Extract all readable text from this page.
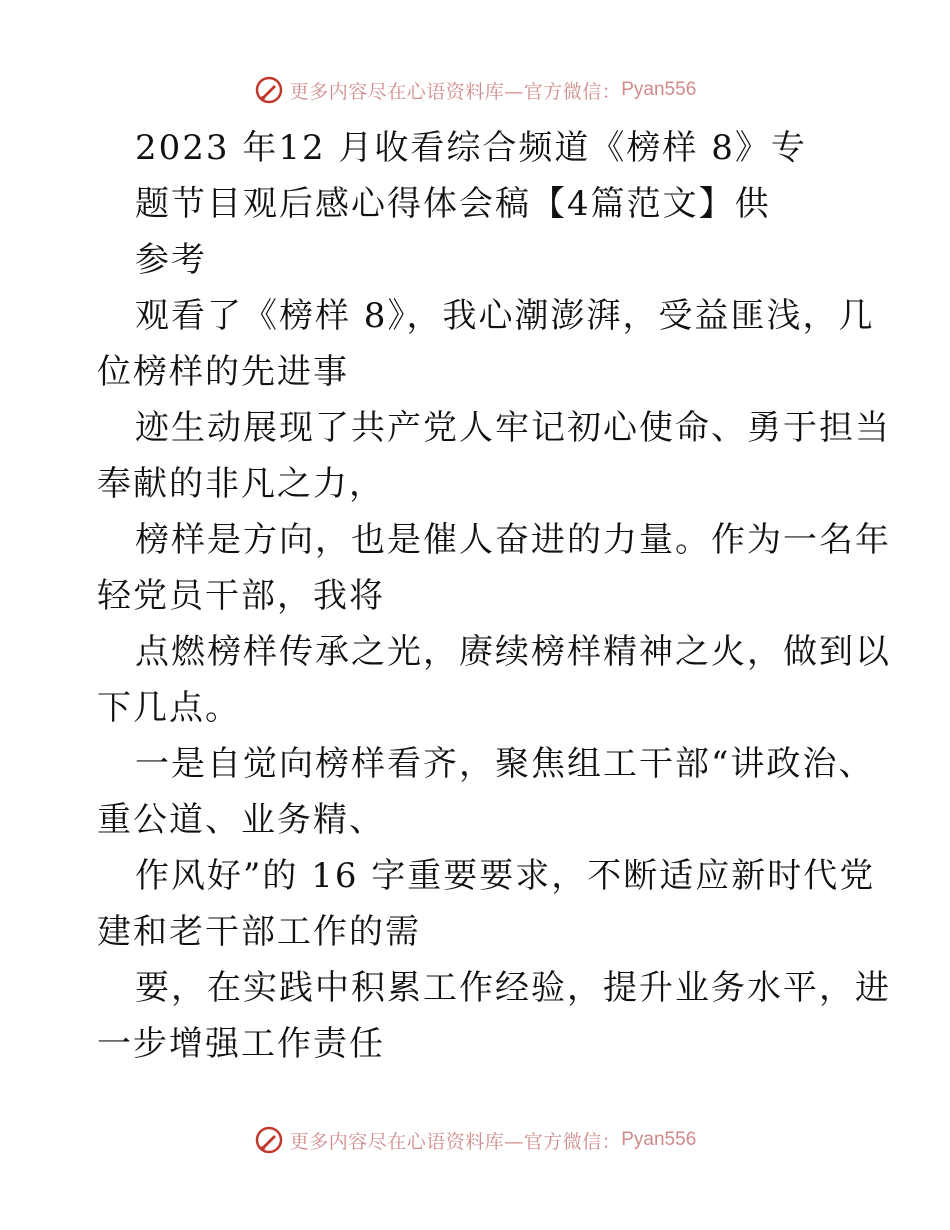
更多内容尽在心语资料库—官方微信： Pyan556
2023 年12 月收看综合频道《榜样 8》专
题节目观后感心得体会稿【4篇范文】供
参考
观看了《榜样 8》，我心潮澎湃，受益匪浅，几
位榜样的先进事
迹生动展现了共产党人牢记初心使命、勇于担当
奉献的非凡之力，
榜样是方向，也是催人奋进的力量。作为一名年
轻党员干部，我将
点燃榜样传承之光，赓续榜样精神之火，做到以
下几点。
一是自觉向榜样看齐，聚焦组工干部“讲政治、
重公道、业务精、
作风好”的 16 字重要要求，不断适应新时代党
建和老干部工作的需
要，在实践中积累工作经验，提升业务水平，进
一步增强工作责任
更多内容尽在心语资料库—官方微信： Pyan556
